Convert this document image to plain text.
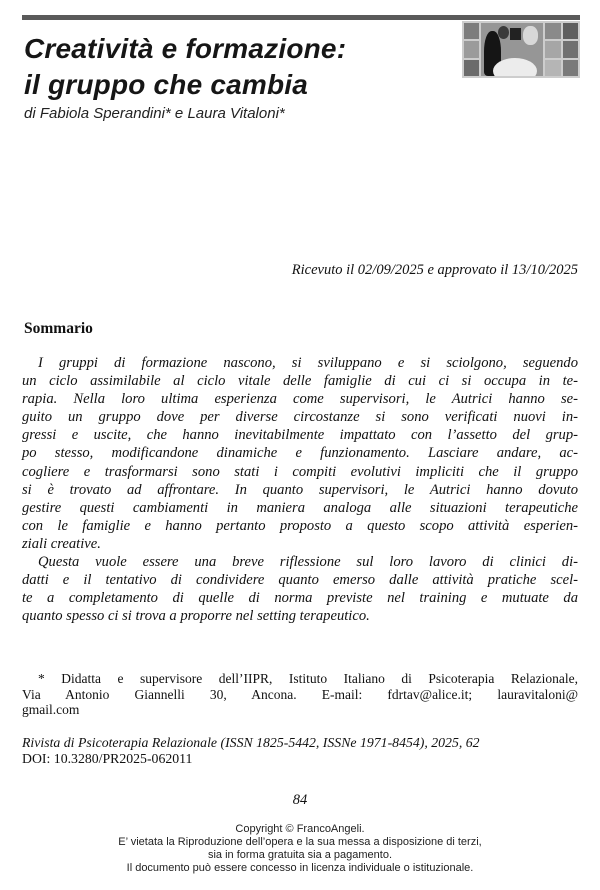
Creatività e formazione:
il gruppo che cambia
di Fabiola Sperandini* e Laura Vitaloni*
Ricevuto il 02/09/2025 e approvato il 13/10/2025
Sommario
I gruppi di formazione nascono, si sviluppano e si sciolgono, seguendo
un ciclo assimilabile al ciclo vitale delle famiglie di cui ci si occupa in te-
rapia. Nella loro ultima esperienza come supervisori, le Autrici hanno se-
guito un gruppo dove per diverse circostanze si sono verificati nuovi in-
gressi e uscite, che hanno inevitabilmente impattato con l’assetto del grup-
po stesso, modificandone dinamiche e funzionamento. Lasciare andare, ac-
cogliere e trasformarsi sono stati i compiti evolutivi impliciti che il gruppo
si è trovato ad affrontare. In quanto supervisori, le Autrici hanno dovuto
gestire questi cambiamenti in maniera analoga alle situazioni terapeutiche
con le famiglie e hanno pertanto proposto a questo scopo attività esperien-
ziali creative.
Questa vuole essere una breve riflessione sul loro lavoro di clinici di-
datti e il tentativo di condividere quanto emerso dalle attività pratiche scel-
te a completamento di quelle di norma previste nel training e mutuate da
quanto spesso ci si trova a proporre nel setting terapeutico.
* Didatta e supervisore dell’IIPR, Istituto Italiano di Psicoterapia Relazionale,
Via Antonio Giannelli 30, Ancona. E-mail: fdrtav@alice.it; lauravitaloni@
gmail.com
Rivista di Psicoterapia Relazionale (ISSN 1825-5442, ISSNe 1971-8454), 2025, 62
DOI: 10.3280/PR2025-062011
84
Copyright © FrancoAngeli.
E’ vietata la Riproduzione dell’opera e la sua messa a disposizione di terzi,
sia in forma gratuita sia a pagamento.
Il documento può essere concesso in licenza individuale o istituzionale.
